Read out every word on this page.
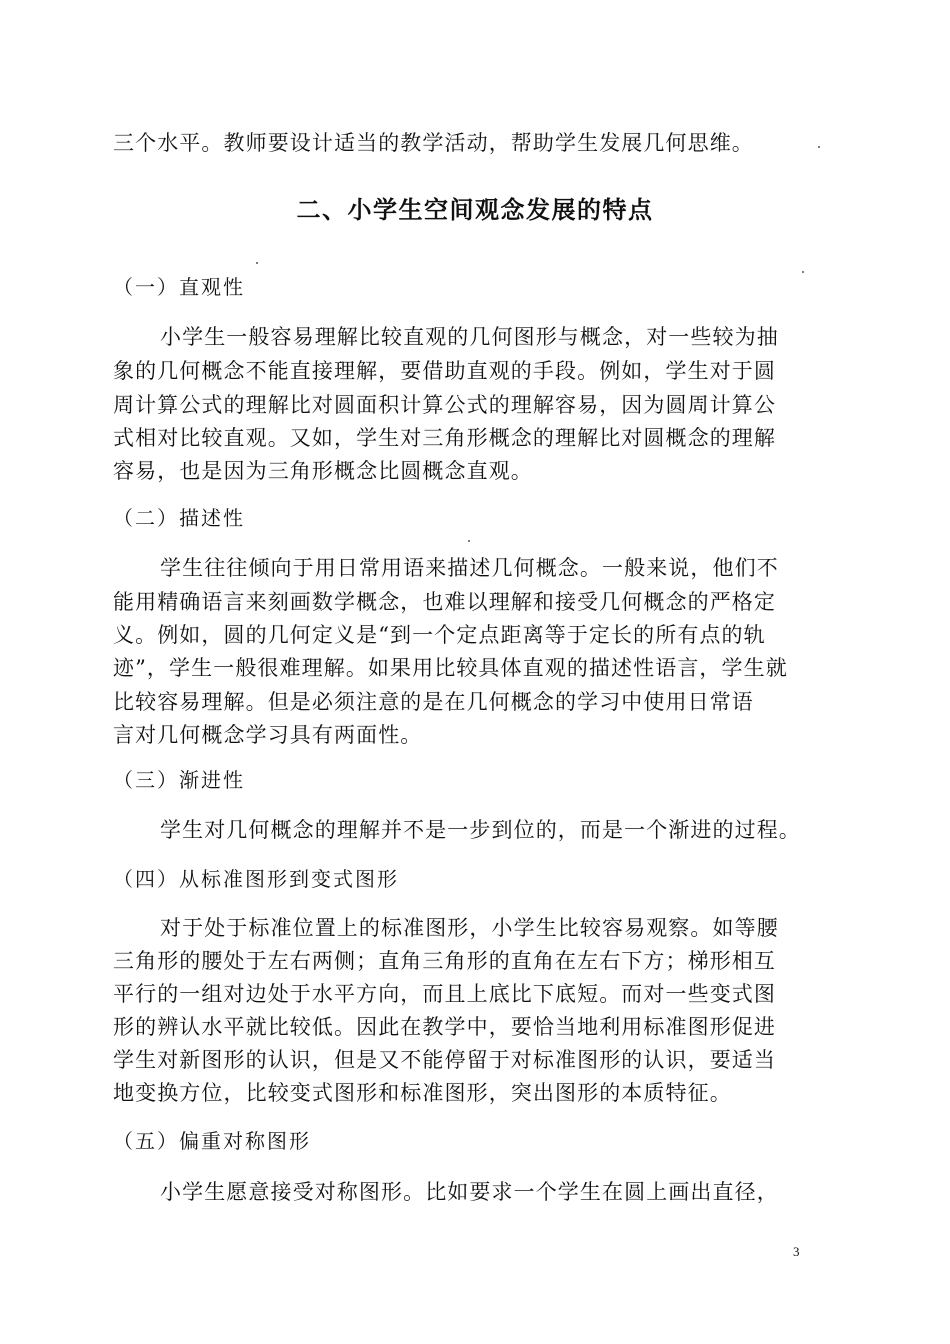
三个水平。教师要设计适当的教学活动，帮助学生发展几何思维。
二、小学生空间观念发展的特点
（一）直观性
小学生一般容易理解比较直观的几何图形与概念，对一些较为抽
象的几何概念不能直接理解，要借助直观的手段。例如，学生对于圆
周计算公式的理解比对圆面积计算公式的理解容易，因为圆周计算公
式相对比较直观。又如，学生对三角形概念的理解比对圆概念的理解
容易，也是因为三角形概念比圆概念直观。
（二）描述性
学生往往倾向于用日常用语来描述几何概念。一般来说，他们不
能用精确语言来刻画数学概念，也难以理解和接受几何概念的严格定
义。例如，圆的几何定义是“到一个定点距离等于定长的所有点的轨
迹”，学生一般很难理解。如果用比较具体直观的描述性语言，学生就
比较容易理解。但是必须注意的是在几何概念的学习中使用日常语
言对几何概念学习具有两面性。
（三）渐进性
学生对几何概念的理解并不是一步到位的，而是一个渐进的过程。
（四）从标准图形到变式图形
对于处于标准位置上的标准图形，小学生比较容易观察。如等腰
三角形的腰处于左右两侧；直角三角形的直角在左右下方；梯形相互
平行的一组对边处于水平方向，而且上底比下底短。而对一些变式图
形的辨认水平就比较低。因此在教学中，要恰当地利用标准图形促进
学生对新图形的认识，但是又不能停留于对标准图形的认识，要适当
地变换方位，比较变式图形和标准图形，突出图形的本质特征。
（五）偏重对称图形
小学生愿意接受对称图形。比如要求一个学生在圆上画出直径，
3
